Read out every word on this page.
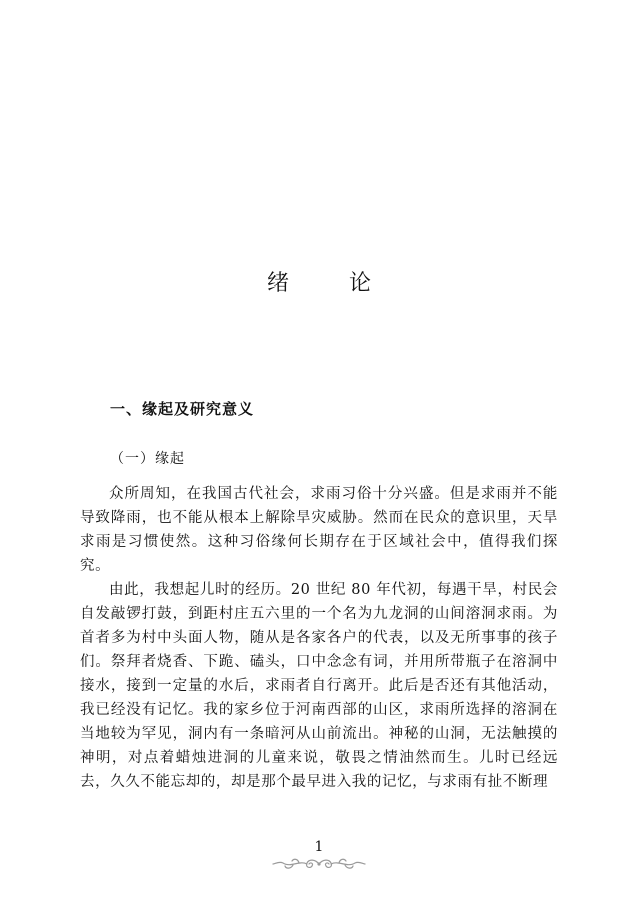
绪	论
一、缘起及研究意义
（一）缘起

众所周知，在我国古代社会，求雨习俗十分兴盛。但是求雨并不能导致降雨，也不能从根本上解除旱灾威胁。然而在民众的意识里，天旱求雨是习惯使然。这种习俗缘何长期存在于区域社会中，值得我们探究。

由此，我想起儿时的经历。20 世纪 80 年代初，每遇干旱，村民会自发敲锣打鼓，到距村庄五六里的一个名为九龙洞的山间溶洞求雨。为首者多为村中头面人物，随从是各家各户的代表，以及无所事事的孩子们。祭拜者烧香、下跪、磕头，口中念念有词，并用所带瓶子在溶洞中接水，接到一定量的水后，求雨者自行离开。此后是否还有其他活动，我已经没有记忆。我的家乡位于河南西部的山区，求雨所选择的溶洞在当地较为罕见，洞内有一条暗河从山前流出。神秘的山洞，无法触摸的神明，对点着蜡烛进洞的儿童来说，敬畏之情油然而生。儿时已经远去，久久不能忘却的，却是那个最早进入我的记忆，与求雨有扯不断理

1
